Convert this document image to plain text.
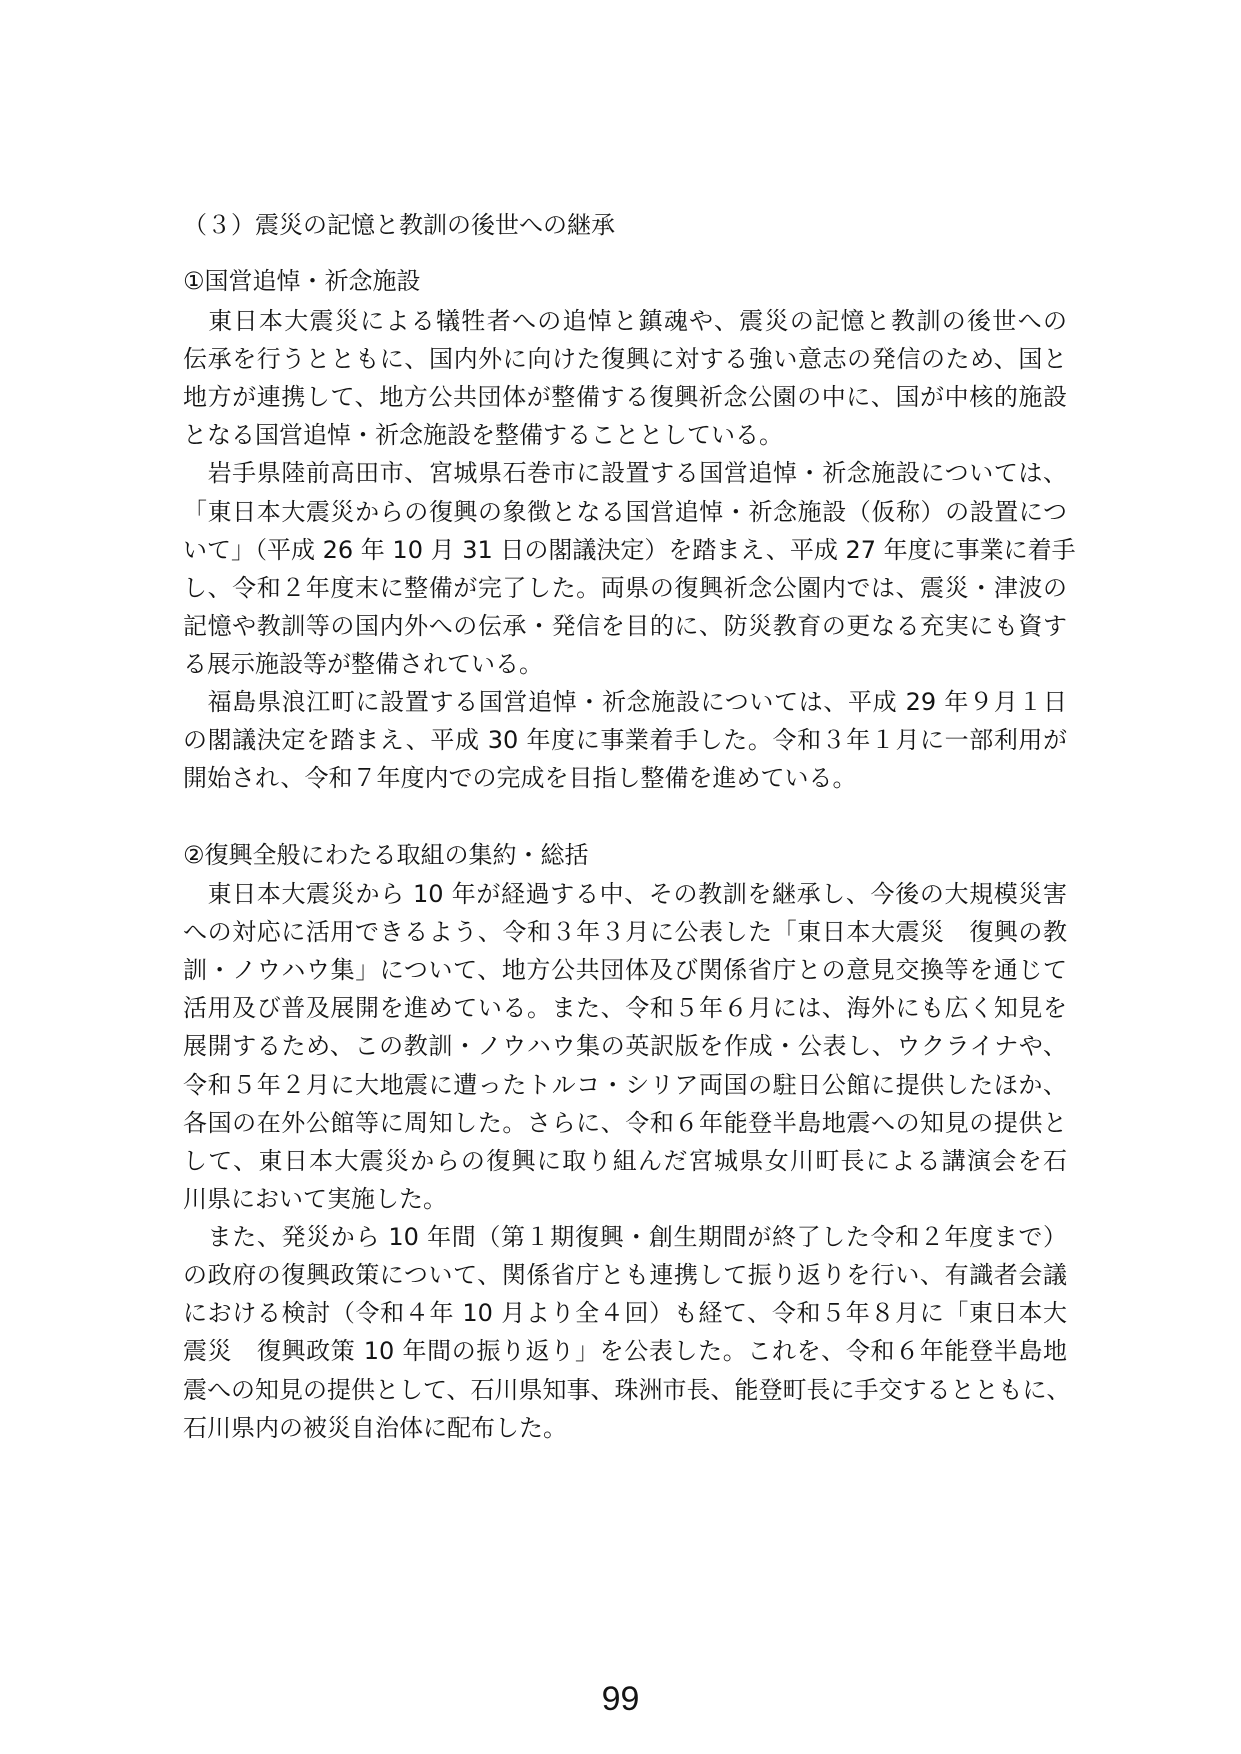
（３）震災の記憶と教訓の後世への継承
①国営追悼・祈念施設
　東日本大震災による犠牲者への追悼と鎮魂や、震災の記憶と教訓の後世への
伝承を行うとともに、国内外に向けた復興に対する強い意志の発信のため、国と
地方が連携して、地方公共団体が整備する復興祈念公園の中に、国が中核的施設
となる国営追悼・祈念施設を整備することとしている。
　岩手県陸前高田市、宮城県石巻市に設置する国営追悼・祈念施設については、
「東日本大震災からの復興の象徴となる国営追悼・祈念施設（仮称）の設置につ
いて」（平成 26 年 10 月 31 日の閣議決定）を踏まえ、平成 27 年度に事業に着手
し、令和２年度末に整備が完了した。両県の復興祈念公園内では、震災・津波の
記憶や教訓等の国内外への伝承・発信を目的に、防災教育の更なる充実にも資す
る展示施設等が整備されている。
　福島県浪江町に設置する国営追悼・祈念施設については、平成 29 年９月１日
の閣議決定を踏まえ、平成 30 年度に事業着手した。令和３年１月に一部利用が
開始され、令和７年度内での完成を目指し整備を進めている。
②復興全般にわたる取組の集約・総括
　東日本大震災から 10 年が経過する中、その教訓を継承し、今後の大規模災害
への対応に活用できるよう、令和３年３月に公表した「東日本大震災　復興の教
訓・ノウハウ集」について、地方公共団体及び関係省庁との意見交換等を通じて
活用及び普及展開を進めている。また、令和５年６月には、海外にも広く知見を
展開するため、この教訓・ノウハウ集の英訳版を作成・公表し、ウクライナや、
令和５年２月に大地震に遭ったトルコ・シリア両国の駐日公館に提供したほか、
各国の在外公館等に周知した。さらに、令和６年能登半島地震への知見の提供と
して、東日本大震災からの復興に取り組んだ宮城県女川町長による講演会を石
川県において実施した。
　また、発災から 10 年間（第１期復興・創生期間が終了した令和２年度まで）
の政府の復興政策について、関係省庁とも連携して振り返りを行い、有識者会議
における検討（令和４年 10 月より全４回）も経て、令和５年８月に「東日本大
震災　復興政策 10 年間の振り返り」を公表した。これを、令和６年能登半島地
震への知見の提供として、石川県知事、珠洲市長、能登町長に手交するとともに、
石川県内の被災自治体に配布した。
99
